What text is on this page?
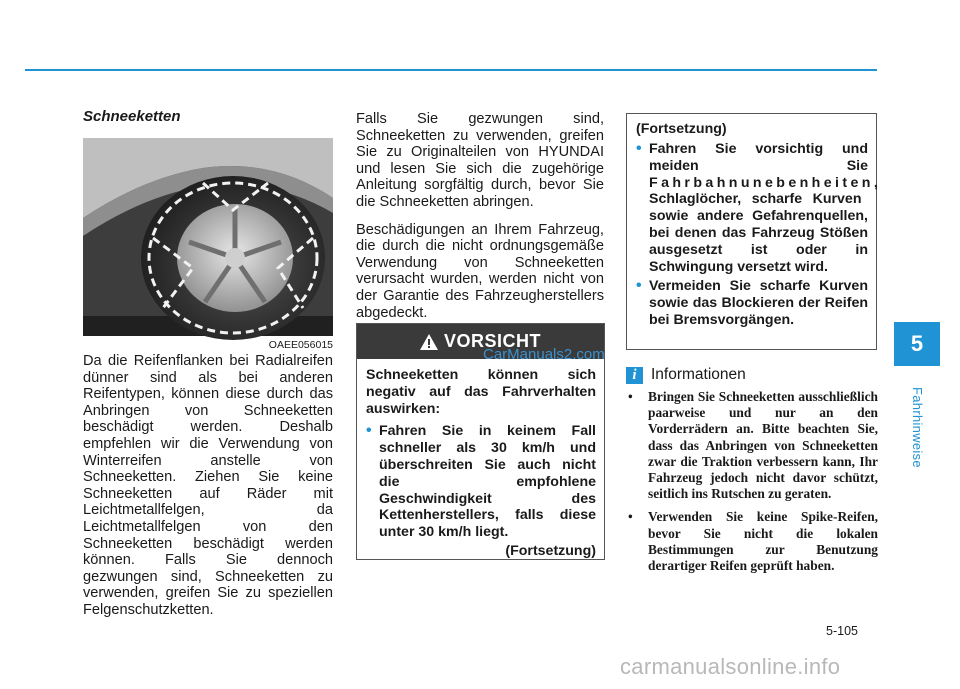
5
Fahrhinweise
Schneeketten
OAEE056015

Da die Reifenflanken bei Radialreifen dünner sind als bei anderen Reifentypen, können diese durch das Anbringen von Schneeketten beschädigt werden. Deshalb empfehlen wir die Verwendung von Winterreifen anstelle von Schneeketten. Ziehen Sie keine Schneeketten auf Räder mit Leichtmetallfelgen, da Leichtmetallfelgen von den Schneeketten beschädigt werden können. Falls Sie dennoch gezwungen sind, Schneeketten zu verwenden, greifen Sie zu speziellen Felgenschutzketten.

Falls Sie gezwungen sind, Schneeketten zu verwenden, greifen Sie zu Originalteilen von HYUNDAI und lesen Sie sich die zugehörige Anleitung sorgfältig durch, bevor Sie die Schneeketten abringen.

Beschädigungen an Ihrem Fahrzeug, die durch die nicht ordnungsgemäße Verwendung von Schneeketten verursacht wurden, werden nicht von der Garantie des Fahrzeugherstellers abgedeckt.

VORSICHT

Schneeketten können sich negativ auf das Fahrverhalten auswirken:

• Fahren Sie in keinem Fall schneller als 30 km/h und überschreiten Sie auch nicht die empfohlene Geschwindigkeit des Kettenherstellers, falls diese unter 30 km/h liegt.
(Fortsetzung)
CarManuals2.com
(Fortsetzung)
• Fahren Sie vorsichtig und meiden Sie Fahrbahnunebenheiten, Schlaglöcher, scharfe Kurven sowie andere Gefahrenquellen, bei denen das Fahrzeug Stößen ausgesetzt ist oder in Schwingung versetzt wird.
• Vermeiden Sie scharfe Kurven sowie das Blockieren der Reifen bei Bremsvorgängen.
i Informationen
• Bringen Sie Schneeketten ausschließlich paarweise und nur an den Vorderrädern an. Bitte beachten Sie, dass das Anbringen von Schneeketten zwar die Traktion verbessern kann, Ihr Fahrzeug jedoch nicht davor schützt, seitlich ins Rutschen zu geraten.
• Verwenden Sie keine Spike-Reifen, bevor Sie nicht die lokalen Bestimmungen zur Benutzung derartiger Reifen geprüft haben.
5-105
carmanualsonline.info
